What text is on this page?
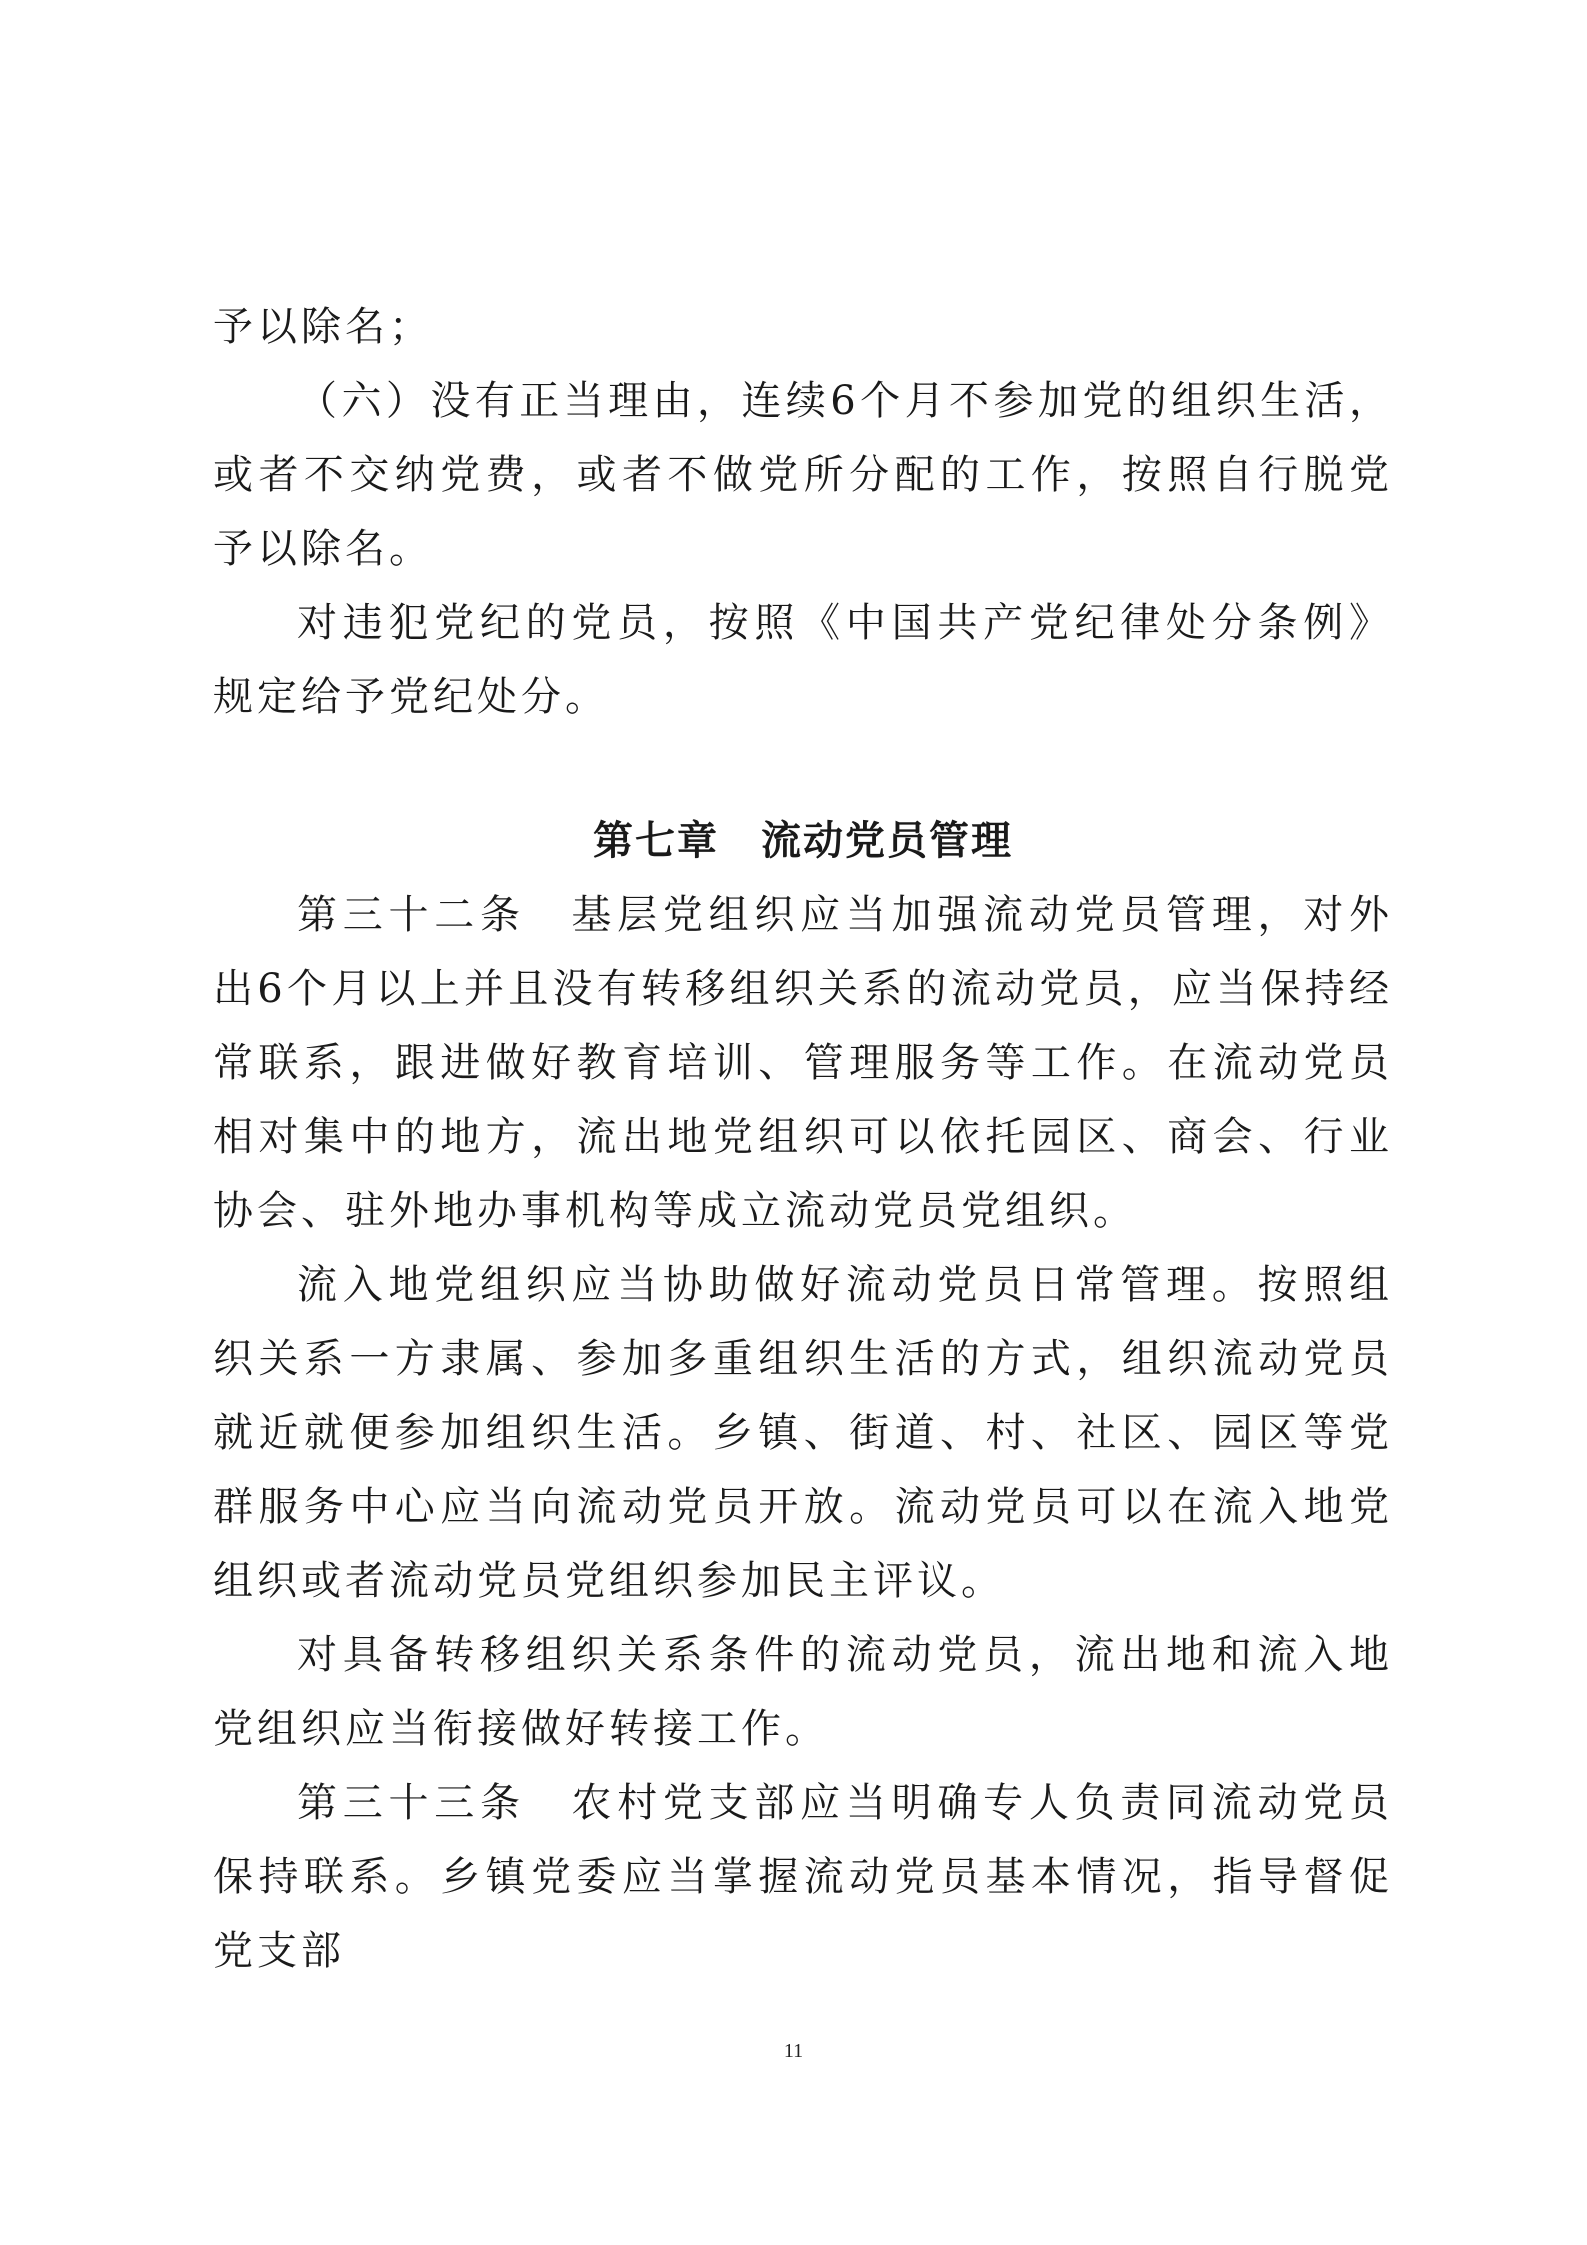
予以除名；

（六）没有正当理由，连续6个月不参加党的组织生活，或者不交纳党费，或者不做党所分配的工作，按照自行脱党予以除名。

对违犯党纪的党员，按照《中国共产党纪律处分条例》规定给予党纪处分。

第七章　流动党员管理

第三十二条　基层党组织应当加强流动党员管理，对外出6个月以上并且没有转移组织关系的流动党员，应当保持经常联系，跟进做好教育培训、管理服务等工作。在流动党员相对集中的地方，流出地党组织可以依托园区、商会、行业协会、驻外地办事机构等成立流动党员党组织。

流入地党组织应当协助做好流动党员日常管理。按照组织关系一方隶属、参加多重组织生活的方式，组织流动党员就近就便参加组织生活。乡镇、街道、村、社区、园区等党群服务中心应当向流动党员开放。流动党员可以在流入地党组织或者流动党员党组织参加民主评议。

对具备转移组织关系条件的流动党员，流出地和流入地党组织应当衔接做好转接工作。

第三十三条　农村党支部应当明确专人负责同流动党员保持联系。乡镇党委应当掌握流动党员基本情况，指导督促党支部

11
